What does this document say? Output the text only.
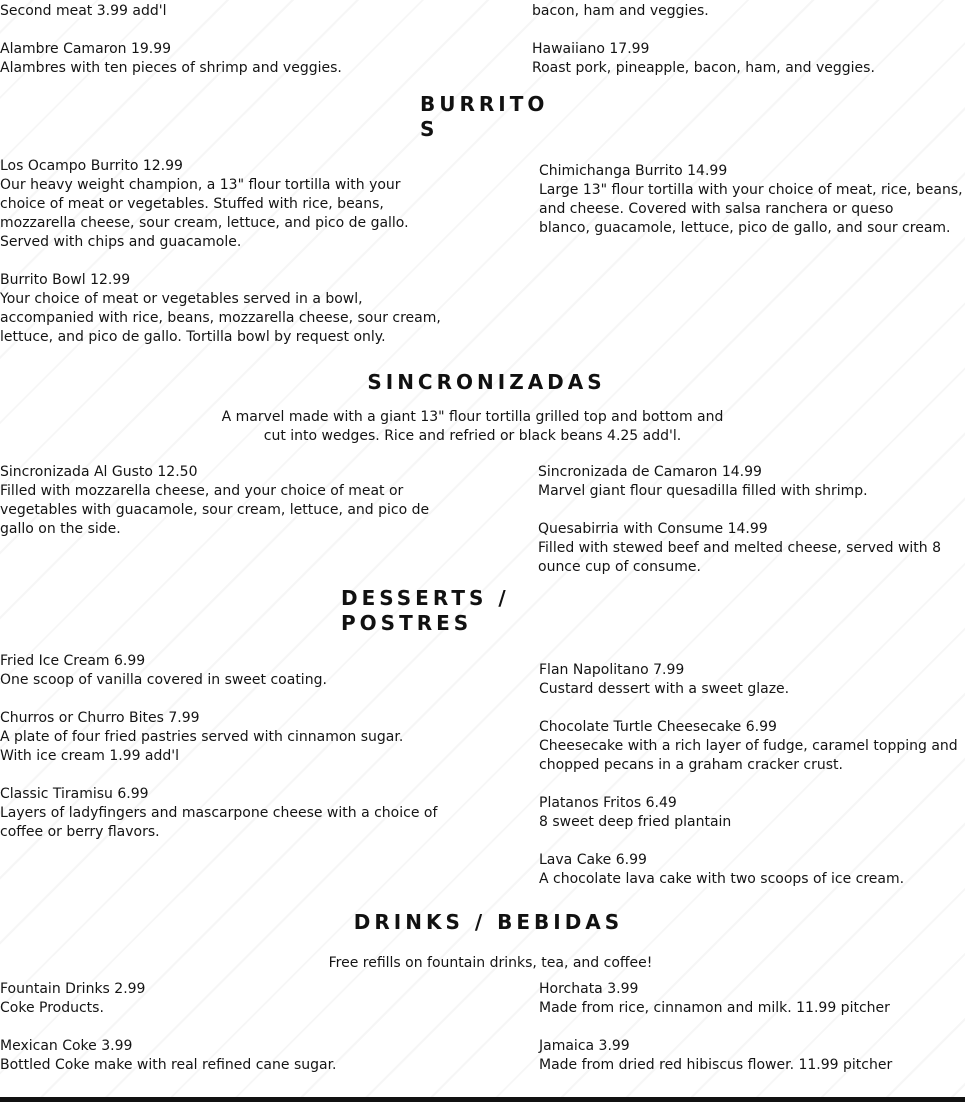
Second meat 3.99 add'l	bacon, ham and veggies.

Alambre Camaron 19.99

Alambres with ten pieces of shrimp and veggies.

Hawaiiano 17.99

Roast pork, pineapple, bacon, ham, and veggies.

BURRITO
S

Los Ocampo Burrito 12.99

Our heavy weight champion, a 13" flour tortilla with your
choice of meat or vegetables. Stuffed with rice, beans,
mozzarella cheese, sour cream, lettuce, and pico de gallo.
Served with chips and guacamole.

Chimichanga Burrito 14.99

Large 13" flour tortilla with your choice of meat, rice, beans,
and cheese. Covered with salsa ranchera or queso
blanco, guacamole, lettuce, pico de gallo, and sour cream.

Burrito Bowl 12.99

Your choice of meat or vegetables served in a bowl,
accompanied with rice, beans, mozzarella cheese, sour cream,
lettuce, and pico de gallo. Tortilla bowl by request only.

SINCRONIZADAS

A marvel made with a giant 13" flour tortilla grilled top and bottom and
cut into wedges. Rice and refried or black beans 4.25 add'l.

Sincronizada Al Gusto 12.50

Filled with mozzarella cheese, and your choice of meat or
vegetables with guacamole, sour cream, lettuce, and pico de
gallo on the side.

Sincronizada de Camaron 14.99

Marvel giant flour quesadilla filled with shrimp.

Quesabirria with Consume 14.99

Filled with stewed beef and melted cheese, served with 8
ounce cup of consume.

DESSERTS /
POSTRES

Fried Ice Cream 6.99

One scoop of vanilla covered in sweet coating.

Churros or Churro Bites 7.99

A plate of four fried pastries served with cinnamon sugar.
With ice cream 1.99 add'l

Classic Tiramisu 6.99

Layers of ladyfingers and mascarpone cheese with a choice of
coffee or berry flavors.

Flan Napolitano 7.99

Custard dessert with a sweet glaze.

Chocolate Turtle Cheesecake 6.99

Cheesecake with a rich layer of fudge, caramel topping and
chopped pecans in a graham cracker crust.

Platanos Fritos 6.49

8 sweet deep fried plantain

Lava Cake 6.99

A chocolate lava cake with two scoops of ice cream.

DRINKS / BEBIDAS

Free refills on fountain drinks, tea, and coffee!

Fountain Drinks 2.99

Coke Products.

Mexican Coke 3.99

Bottled Coke make with real refined cane sugar.

Horchata 3.99

Made from rice, cinnamon and milk. 11.99 pitcher

Jamaica 3.99

Made from dried red hibiscus flower. 11.99 pitcher
